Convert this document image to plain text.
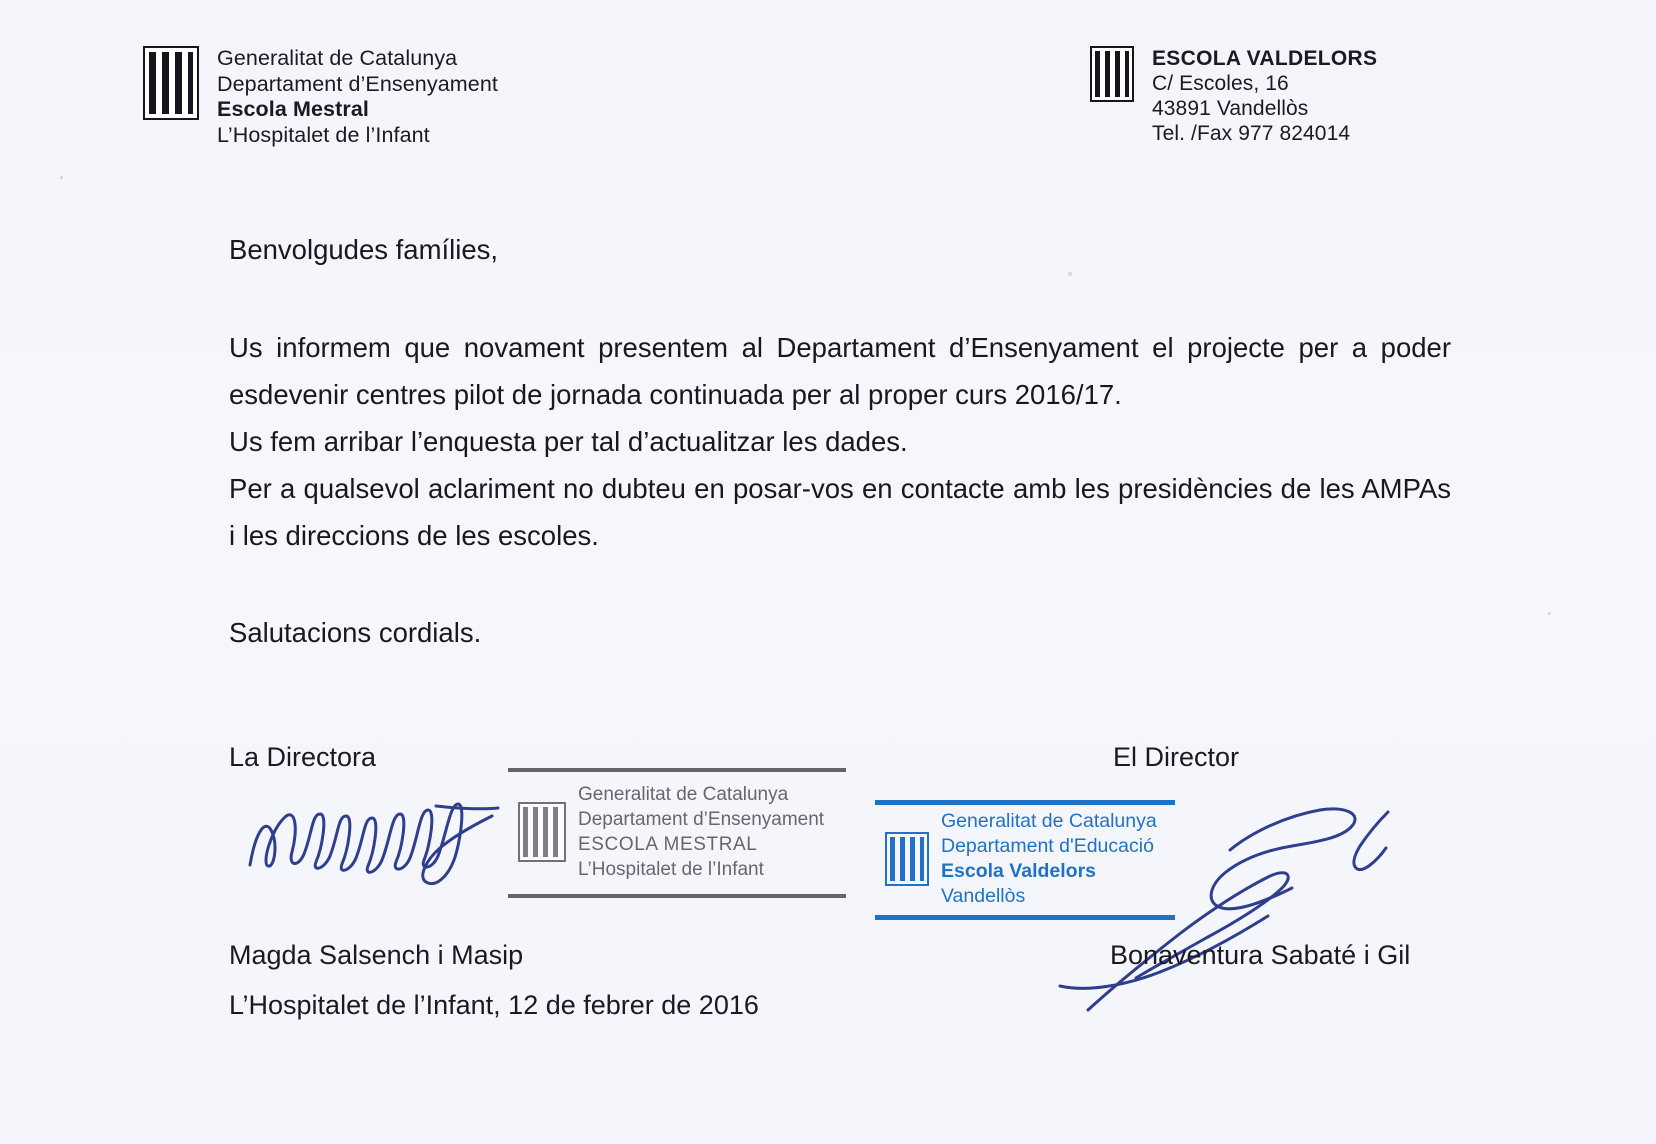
Generalitat de Catalunya
Departament d’Ensenyament
Escola Mestral
L’Hospitalet de l’Infant
ESCOLA VALDELORS
C/ Escoles, 16
43891 Vandellòs
Tel. /Fax 977 824014

Benvolgudes famílies,

Us informem que novament presentem al Departament d’Ensenyament el projecte per a poder esdevenir centres pilot de jornada continuada per al proper curs 2016/17.

Us fem arribar l’enquesta per tal d’actualitzar les dades.

Per a qualsevol aclariment no dubteu en posar-vos en contacte amb les presidències de les AMPAs i les direccions de les escoles.

Salutacions cordials.

La Directora	El Director
Generalitat de Catalunya
Departament d’Ensenyament
ESCOLA MESTRAL
L’Hospitalet de l’Infant
Generalitat de Catalunya
Departament d'Educació
Escola Valdelors
Vandellòs
Magda Salsench i Masip
L’Hospitalet de l’Infant, 12 de febrer de 2016
Bonaventura Sabaté i Gil
